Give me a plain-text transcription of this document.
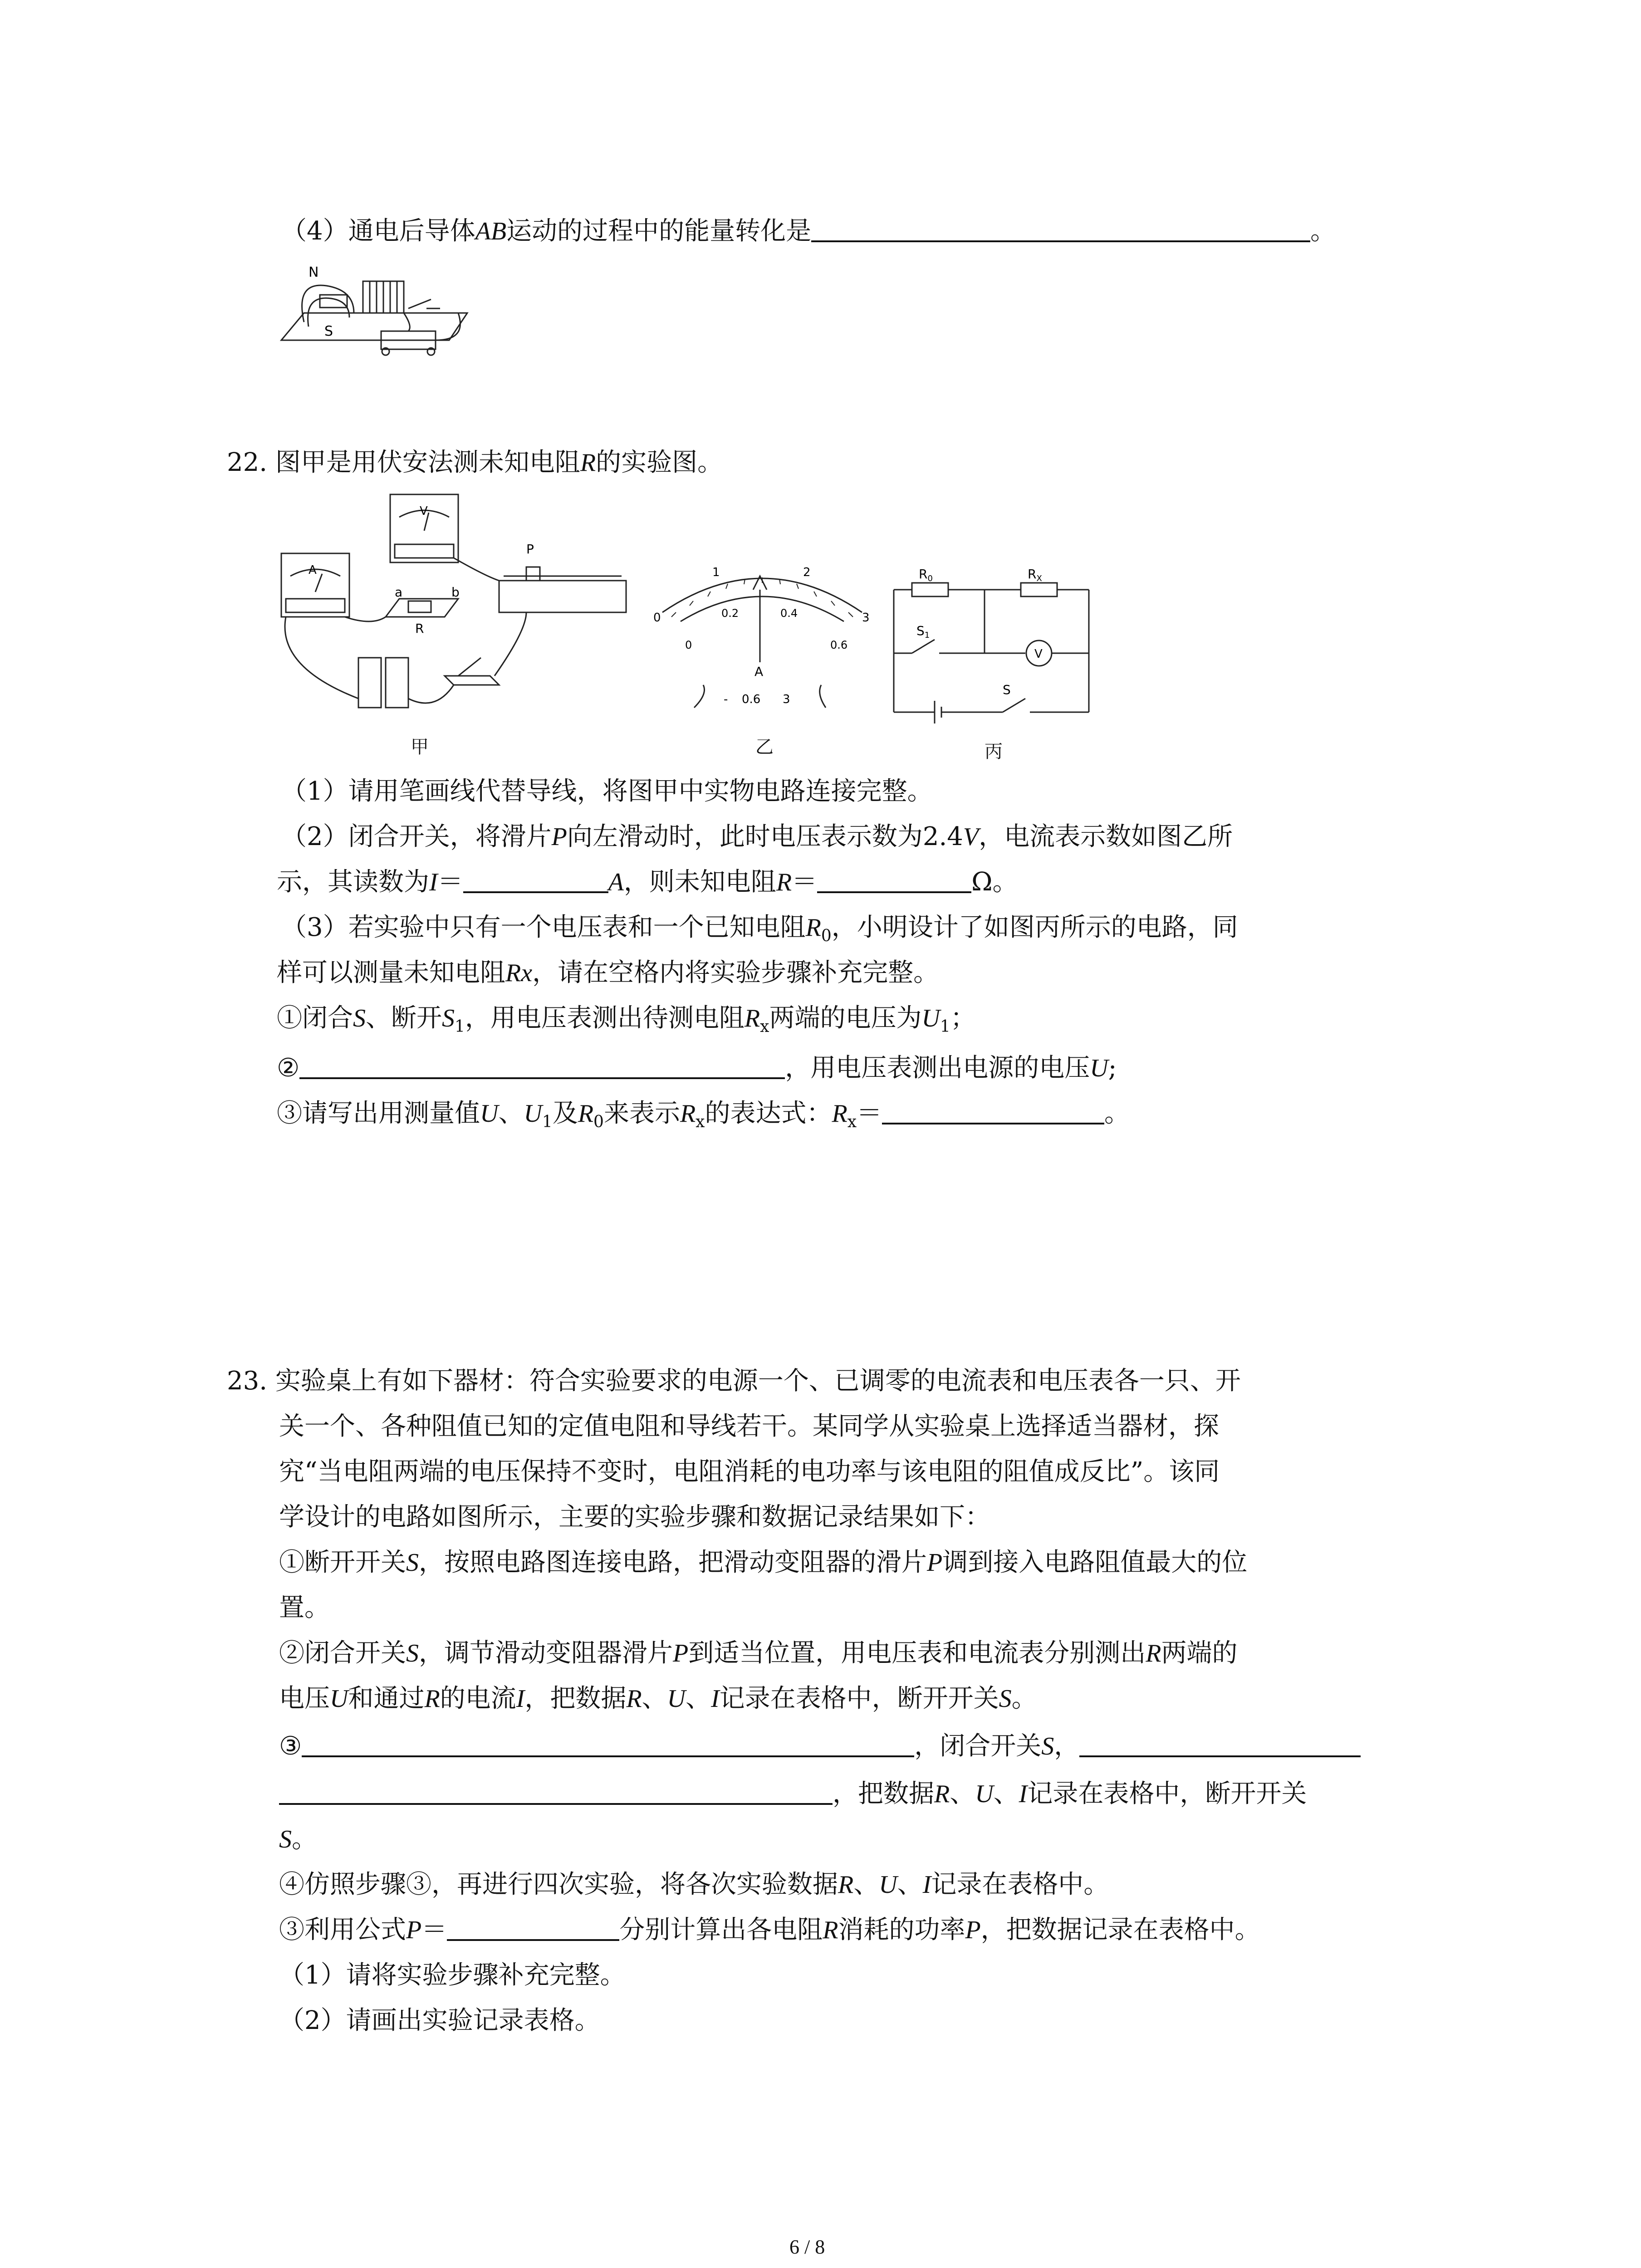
（4）通电后导体AB运动的过程中的能量转化是	。
N
S
22. 图甲是用伏安法测未知电阻R的实验图。
P
a	b
R
A
V
甲
0
1	2
3
0
0.2	0.4
0.6
A
- 0.6 3
乙
$R_0$	$R_X$
$S_1$
S
V
丙
（1）请用笔画线代替导线，将图甲中实物电路连接完整。
（2）闭合开关，将滑片P向左滑动时，此时电压表示数为2.4V，电流表示数如图乙所
示，其读数为I＝	A，则未知电阻R＝	Ω。
（3）若实验中只有一个电压表和一个已知电阻$R_0$，小明设计了如图丙所示的电路，同
样可以测量未知电阻Rx，请在空格内将实验步骤补充完整。
①闭合S、断开$S_1$，用电压表测出待测电阻$R_x$两端的电压为$U_1$；
②	，用电压表测出电源的电压U;
③请写出用测量值U、$U_1$及$R_0$来表示$R_x$的表达式：$R_x=$	。
23. 实验桌上有如下器材：符合实验要求的电源一个、已调零的电流表和电压表各一只、开
关一个、各种阻值已知的定值电阻和导线若干。某同学从实验桌上选择适当器材，探
究“当电阻两端的电压保持不变时，电阻消耗的电功率与该电阻的阻值成反比”。该同
学设计的电路如图所示，主要的实验步骤和数据记录结果如下：
①断开开关S，按照电路图连接电路，把滑动变阻器的滑片P调到接入电路阻值最大的位
置。
②闭合开关S，调节滑动变阻器滑片P到适当位置，用电压表和电流表分别测出R两端的
电压U和通过R的电流I，把数据R、U、I记录在表格中，断开开关S。
③	，闭合开关S，
，把数据R、U、I记录在表格中，断开开关
S。
④仿照步骤③，再进行四次实验，将各次实验数据R、U、I记录在表格中。
③利用公式P＝	分别计算出各电阻R消耗的功率P，把数据记录在表格中。
（1）请将实验步骤补充完整。
（2）请画出实验记录表格。
6 / 8
